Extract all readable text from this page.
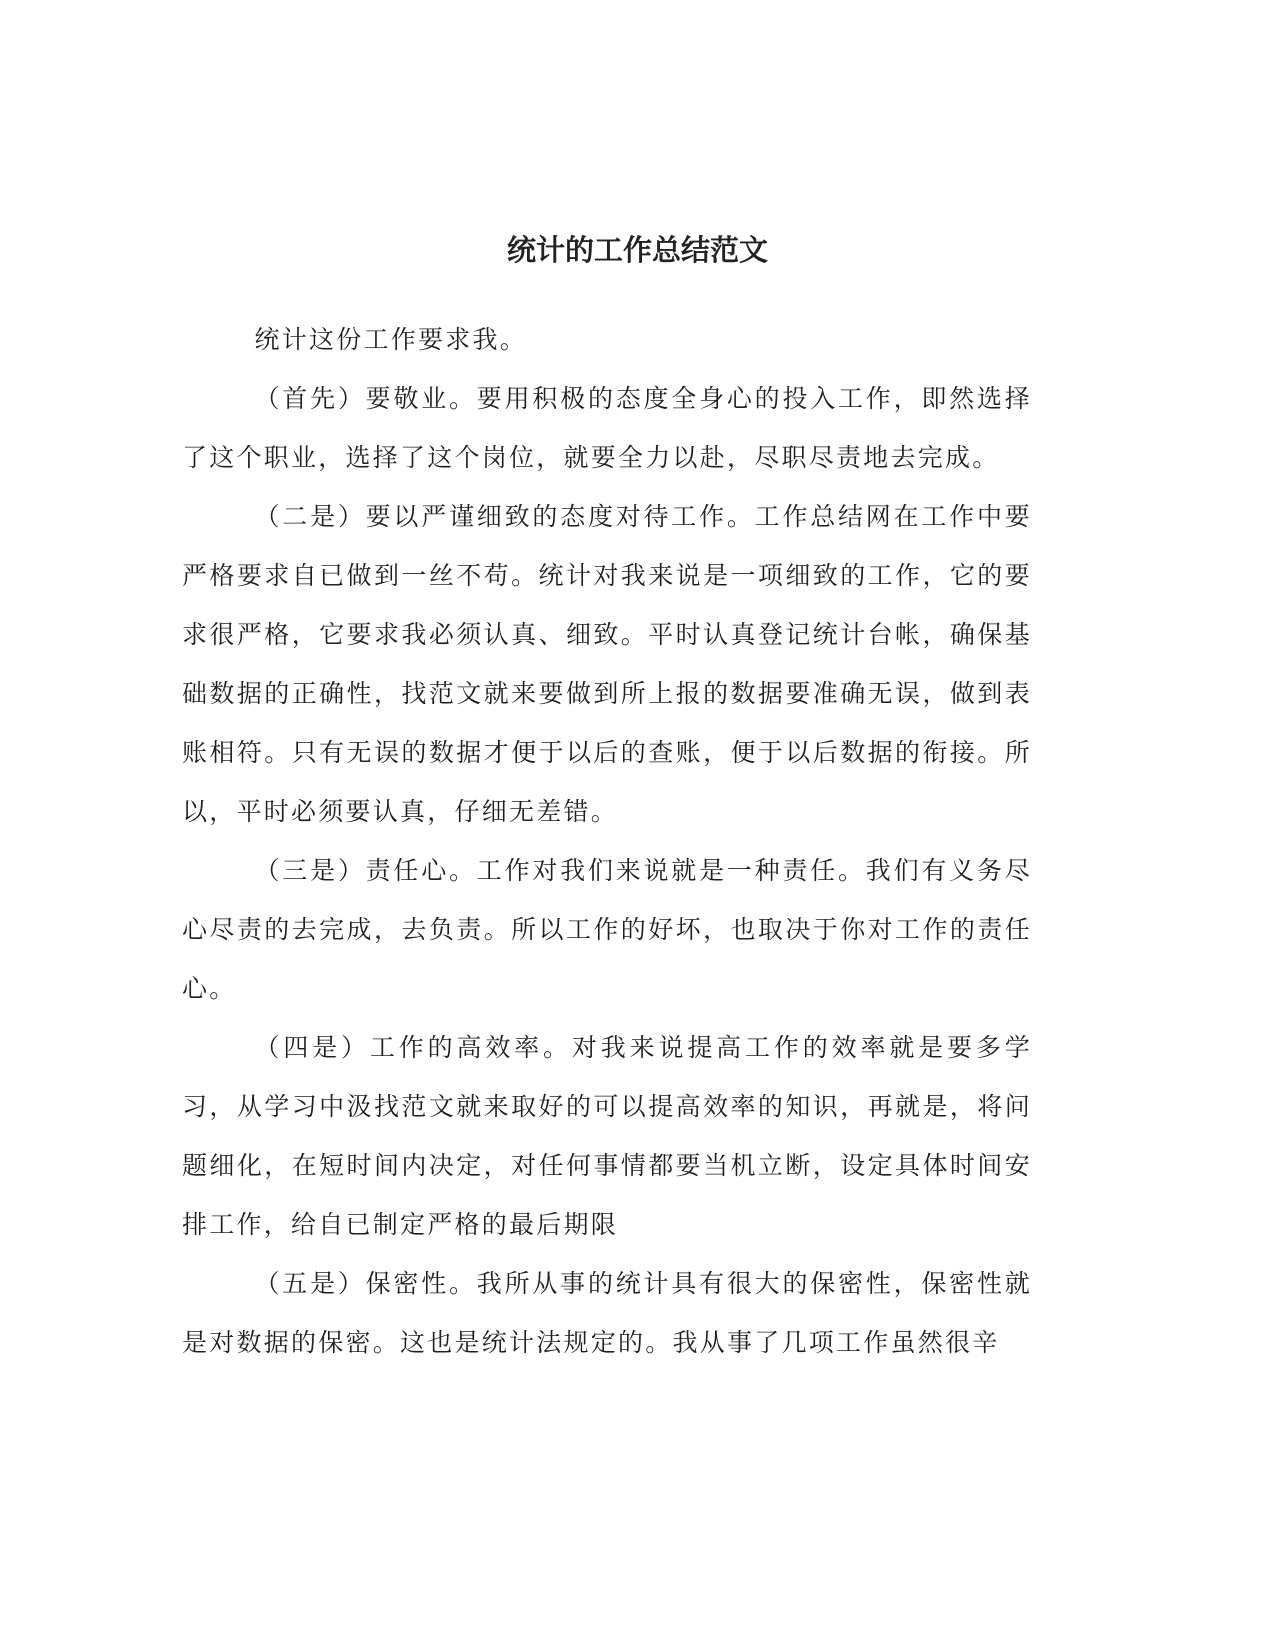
统计的工作总结范文

统计这份工作要求我。

（首先）要敬业。要用积极的态度全身心的投入工作，即然选择了这个职业，选择了这个岗位，就要全力以赴，尽职尽责地去完成。

（二是）要以严谨细致的态度对待工作。工作总结网在工作中要严格要求自已做到一丝不苟。统计对我来说是一项细致的工作，它的要求很严格，它要求我必须认真、细致。平时认真登记统计台帐，确保基础数据的正确性，找范文就来要做到所上报的数据要准确无误，做到表账相符。只有无误的数据才便于以后的查账，便于以后数据的衔接。所以，平时必须要认真，仔细无差错。

（三是）责任心。工作对我们来说就是一种责任。我们有义务尽心尽责的去完成，去负责。所以工作的好坏，也取决于你对工作的责任心。

（四是）工作的高效率。对我来说提高工作的效率就是要多学习，从学习中汲找范文就来取好的可以提高效率的知识，再就是，将问题细化，在短时间内决定，对任何事情都要当机立断，设定具体时间安排工作，给自已制定严格的最后期限

（五是）保密性。我所从事的统计具有很大的保密性，保密性就是对数据的保密。这也是统计法规定的。我从事了几项工作虽然很辛
